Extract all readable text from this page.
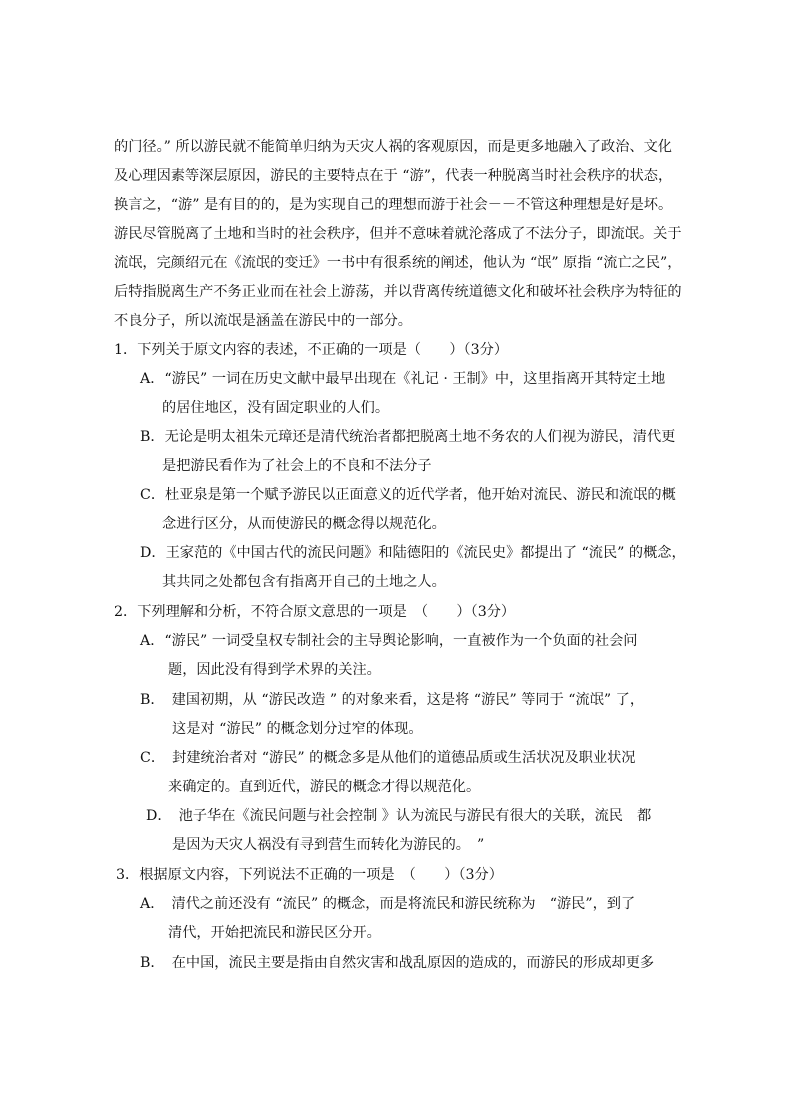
的门径。” 所以游民就不能简单归纳为天灾人祸的客观原因，而是更多地融入了政治、文化
及心理因素等深层原因，游民的主要特点在于 “游”，代表一种脱离当时社会秩序的状态，
换言之，“游” 是有目的的，是为实现自己的理想而游于社会－－不管这种理想是好是坏。
游民尽管脱离了土地和当时的社会秩序，但并不意味着就沦落成了不法分子，即流氓。关于
流氓，完颜绍元在《流氓的变迁》一书中有很系统的阐述，他认为 “氓” 原指 “流亡之民”，
后特指脱离生产不务正业而在社会上游荡，并以背离传统道德文化和破坏社会秩序为特征的
不良分子，所以流氓是涵盖在游民中的一部分。
1．下列关于原文内容的表述，不正确的一项是（　　）（3分）
A．“游民” 一词在历史文献中最早出现在《礼记 · 王制》中，这里指离开其特定土地
的居住地区，没有固定职业的人们。
B．无论是明太祖朱元璋还是清代统治者都把脱离土地不务农的人们视为游民，清代更
是把游民看作为了社会上的不良和不法分子
C．杜亚泉是第一个赋予游民以正面意义的近代学者，他开始对流民、游民和流氓的概
念进行区分，从而使游民的概念得以规范化。
D．王家范的《中国古代的流民问题》和陆德阳的《流民史》都提出了 “流民” 的概念，
其共同之处都包含有指离开自己的土地之人。
2．下列理解和分析，不符合原文意思的一项是　（　　）（3分）
A．“游民” 一词受皇权专制社会的主导舆论影响，一直被作为一个负面的社会问
题，因此没有得到学术界的关注。
B．　建国初期，从 “游民改造 ” 的对象来看，这是将 “游民” 等同于 “流氓” 了，
这是对 “游民” 的概念划分过窄的体现。
C．　封建统治者对 “游民” 的概念多是从他们的道德品质或生活状况及职业状况
来确定的。直到近代，游民的概念才得以规范化。
D．　池子华在《流民问题与社会控制 》认为流民与游民有很大的关联，流民　都
是因为天灾人祸没有寻到营生而转化为游民的。　”
3．根据原文内容，下列说法不正确的一项是　（　　）（3分）
A．　清代之前还没有 “流民” 的概念，而是将流民和游民统称为　“游民”，到了
清代，开始把流民和游民区分开。
B．　在中国，流民主要是指由自然灾害和战乱原因的造成的，而游民的形成却更多
